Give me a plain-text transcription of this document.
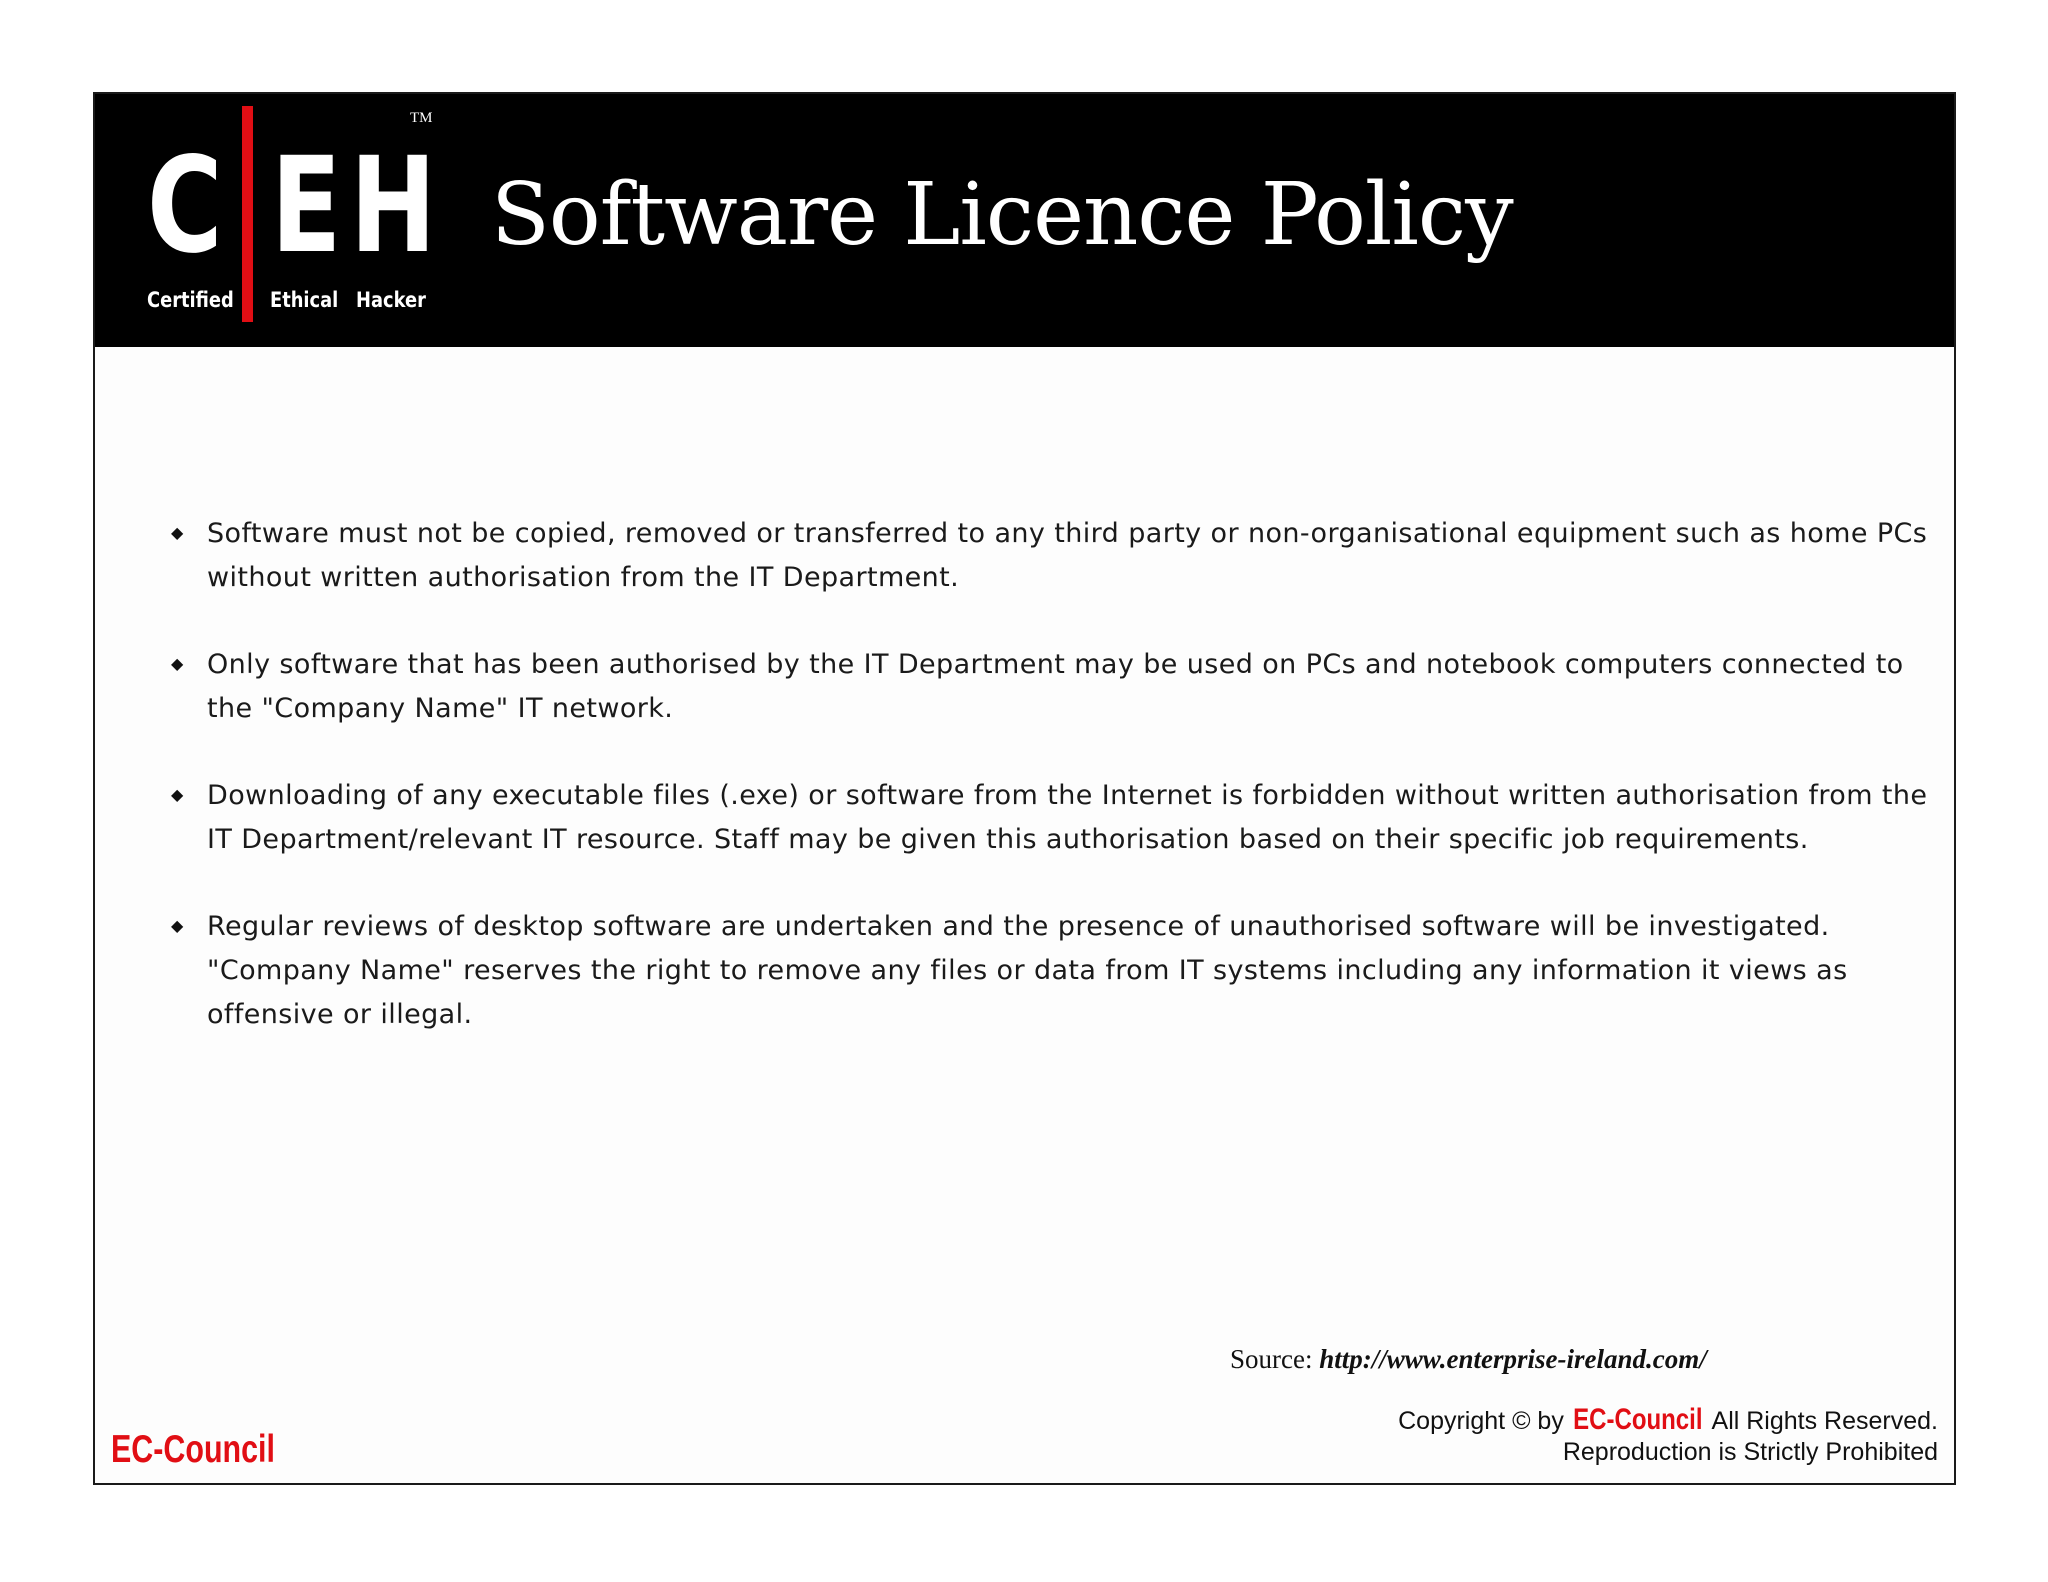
C E H
TM
Certified Ethical Hacker
Software Licence Policy
◆ Software must not be copied, removed or transferred to any third party or non-organisational equipment such as home PCs without written authorisation from the IT Department.
◆ Only software that has been authorised by the IT Department may be used on PCs and notebook computers connected to the "Company Name" IT network.
◆ Downloading of any executable files (.exe) or software from the Internet is forbidden without written authorisation from the IT Department/relevant IT resource. Staff may be given this authorisation based on their specific job requirements.
◆ Regular reviews of desktop software are undertaken and the presence of unauthorised software will be investigated. "Company Name" reserves the right to remove any files or data from IT systems including any information it views as offensive or illegal.
Source: http://www.enterprise-ireland.com/
EC-Council
Copyright © by EC-Council All Rights Reserved.
Reproduction is Strictly Prohibited
